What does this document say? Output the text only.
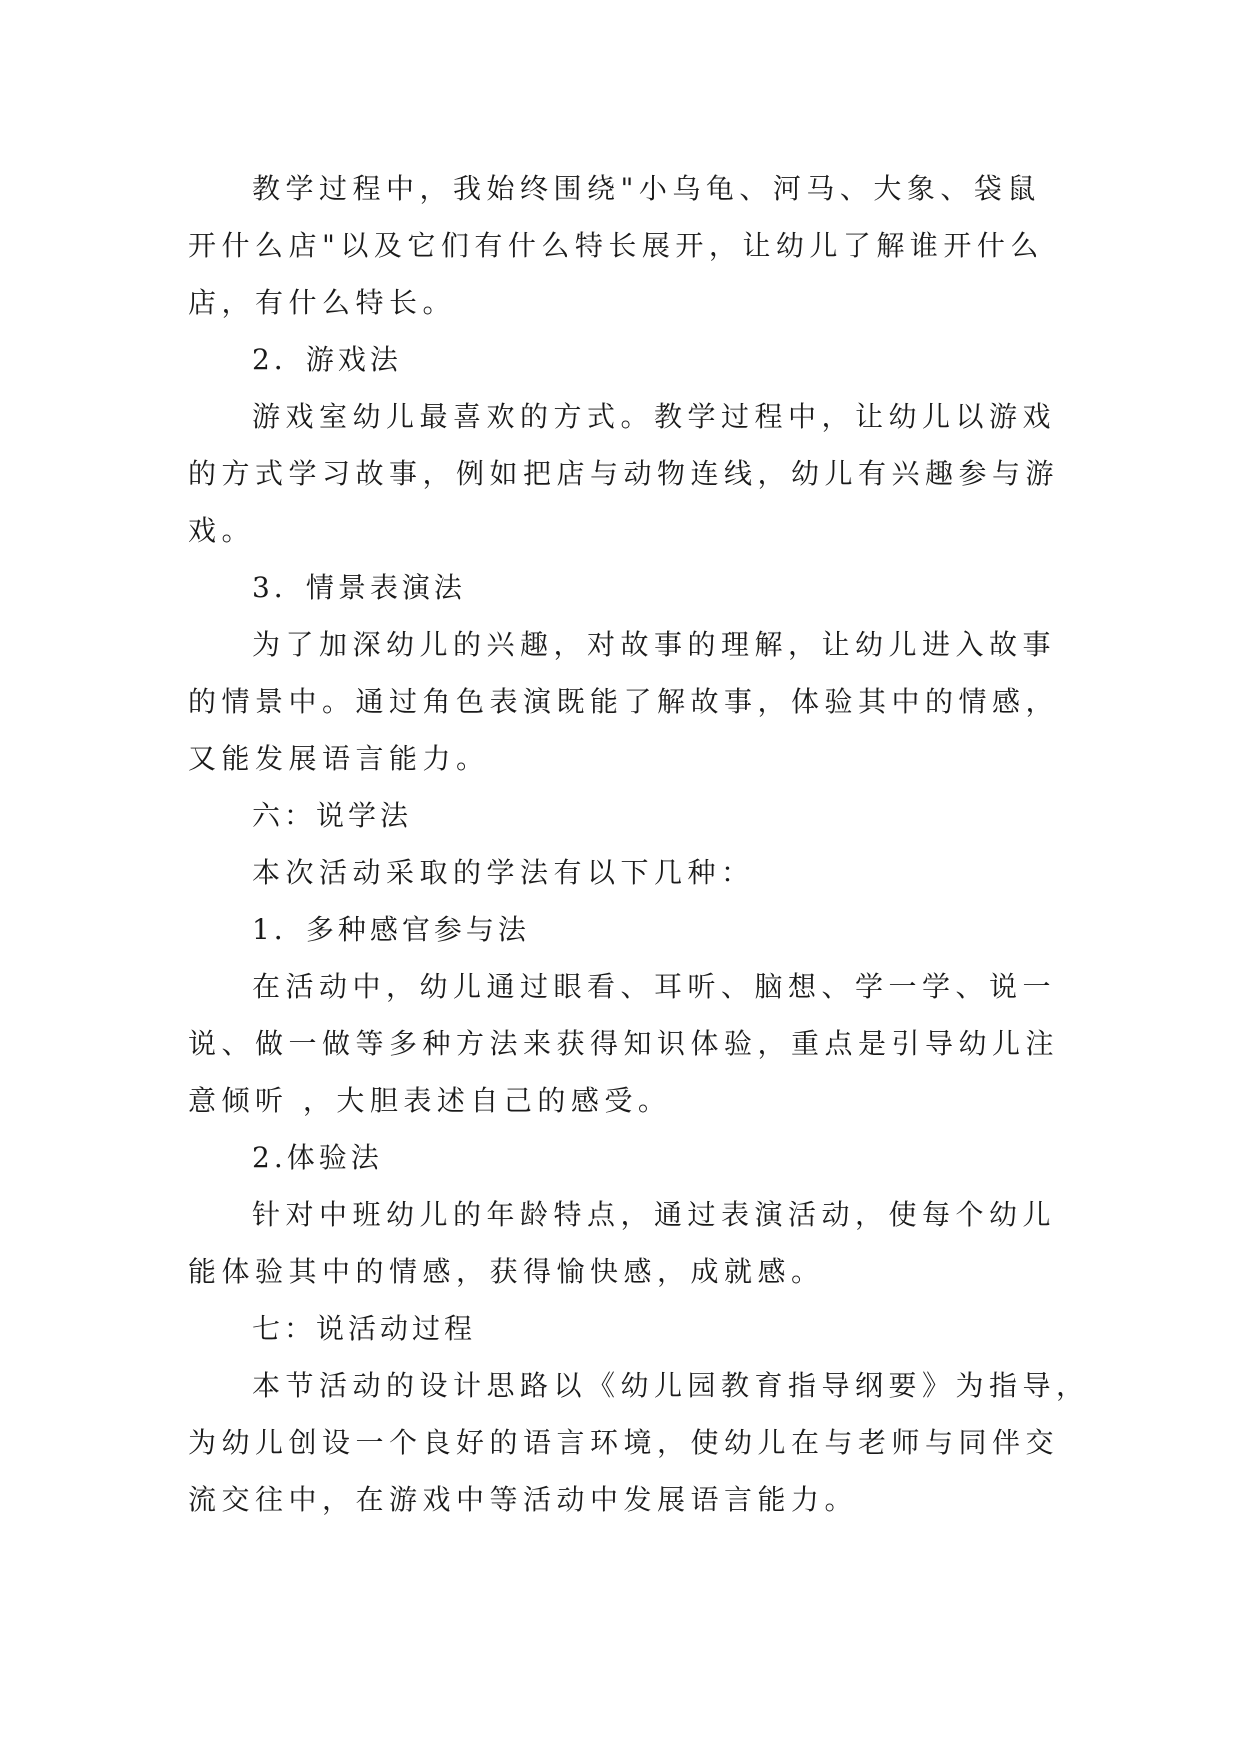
教学过程中，我始终围绕"小乌龟、河马、大象、袋鼠
开什么店"以及它们有什么特长展开，让幼儿了解谁开什么
店，有什么特长。
2．游戏法
游戏室幼儿最喜欢的方式。教学过程中，让幼儿以游戏
的方式学习故事，例如把店与动物连线，幼儿有兴趣参与游
戏。
3．情景表演法
为了加深幼儿的兴趣，对故事的理解，让幼儿进入故事
的情景中。通过角色表演既能了解故事，体验其中的情感，
又能发展语言能力。
六：说学法
本次活动采取的学法有以下几种：
1．多种感官参与法
在活动中，幼儿通过眼看、耳听、脑想、学一学、说一
说、做一做等多种方法来获得知识体验，重点是引导幼儿注
意倾听 ，大胆表述自己的感受。
2.体验法
针对中班幼儿的年龄特点，通过表演活动，使每个幼儿
能体验其中的情感，获得愉快感，成就感。
七：说活动过程
本节活动的设计思路以《幼儿园教育指导纲要》为指导，
为幼儿创设一个良好的语言环境，使幼儿在与老师与同伴交
流交往中，在游戏中等活动中发展语言能力。
